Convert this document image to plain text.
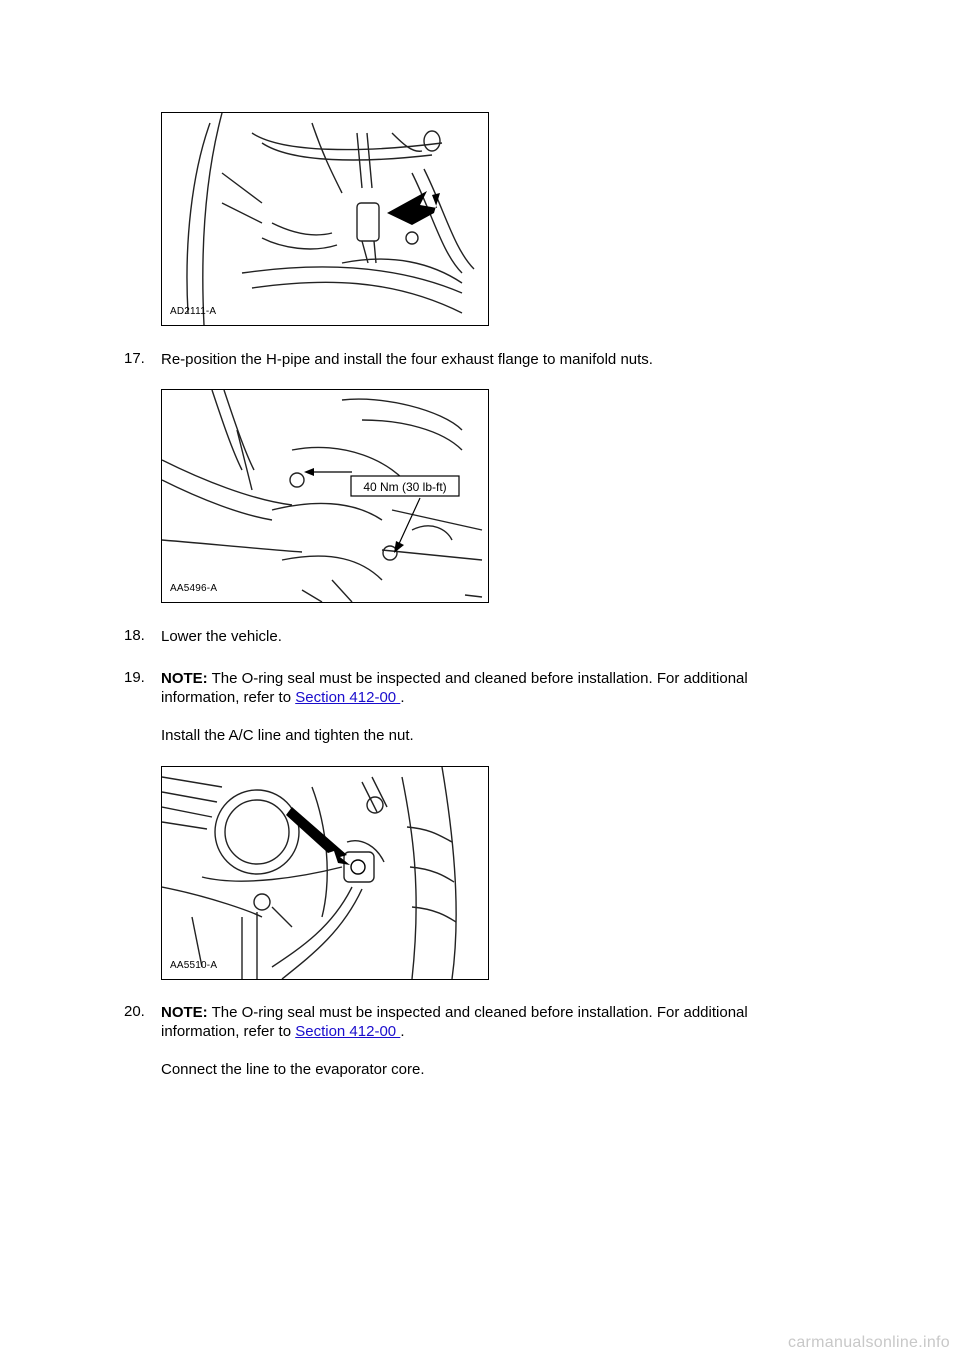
AD2111-A
17. Re-position the H-pipe and install the four exhaust flange to manifold nuts.
40 Nm (30 lb-ft)
AA5496-A
18. Lower the vehicle.
19. NOTE: The O-ring seal must be inspected and cleaned before installation. For additional information, refer to Section 412-00 .
Install the A/C line and tighten the nut.
AA5510-A
20. NOTE: The O-ring seal must be inspected and cleaned before installation. For additional information, refer to Section 412-00 .
Connect the line to the evaporator core.
carmanualsonline.info
